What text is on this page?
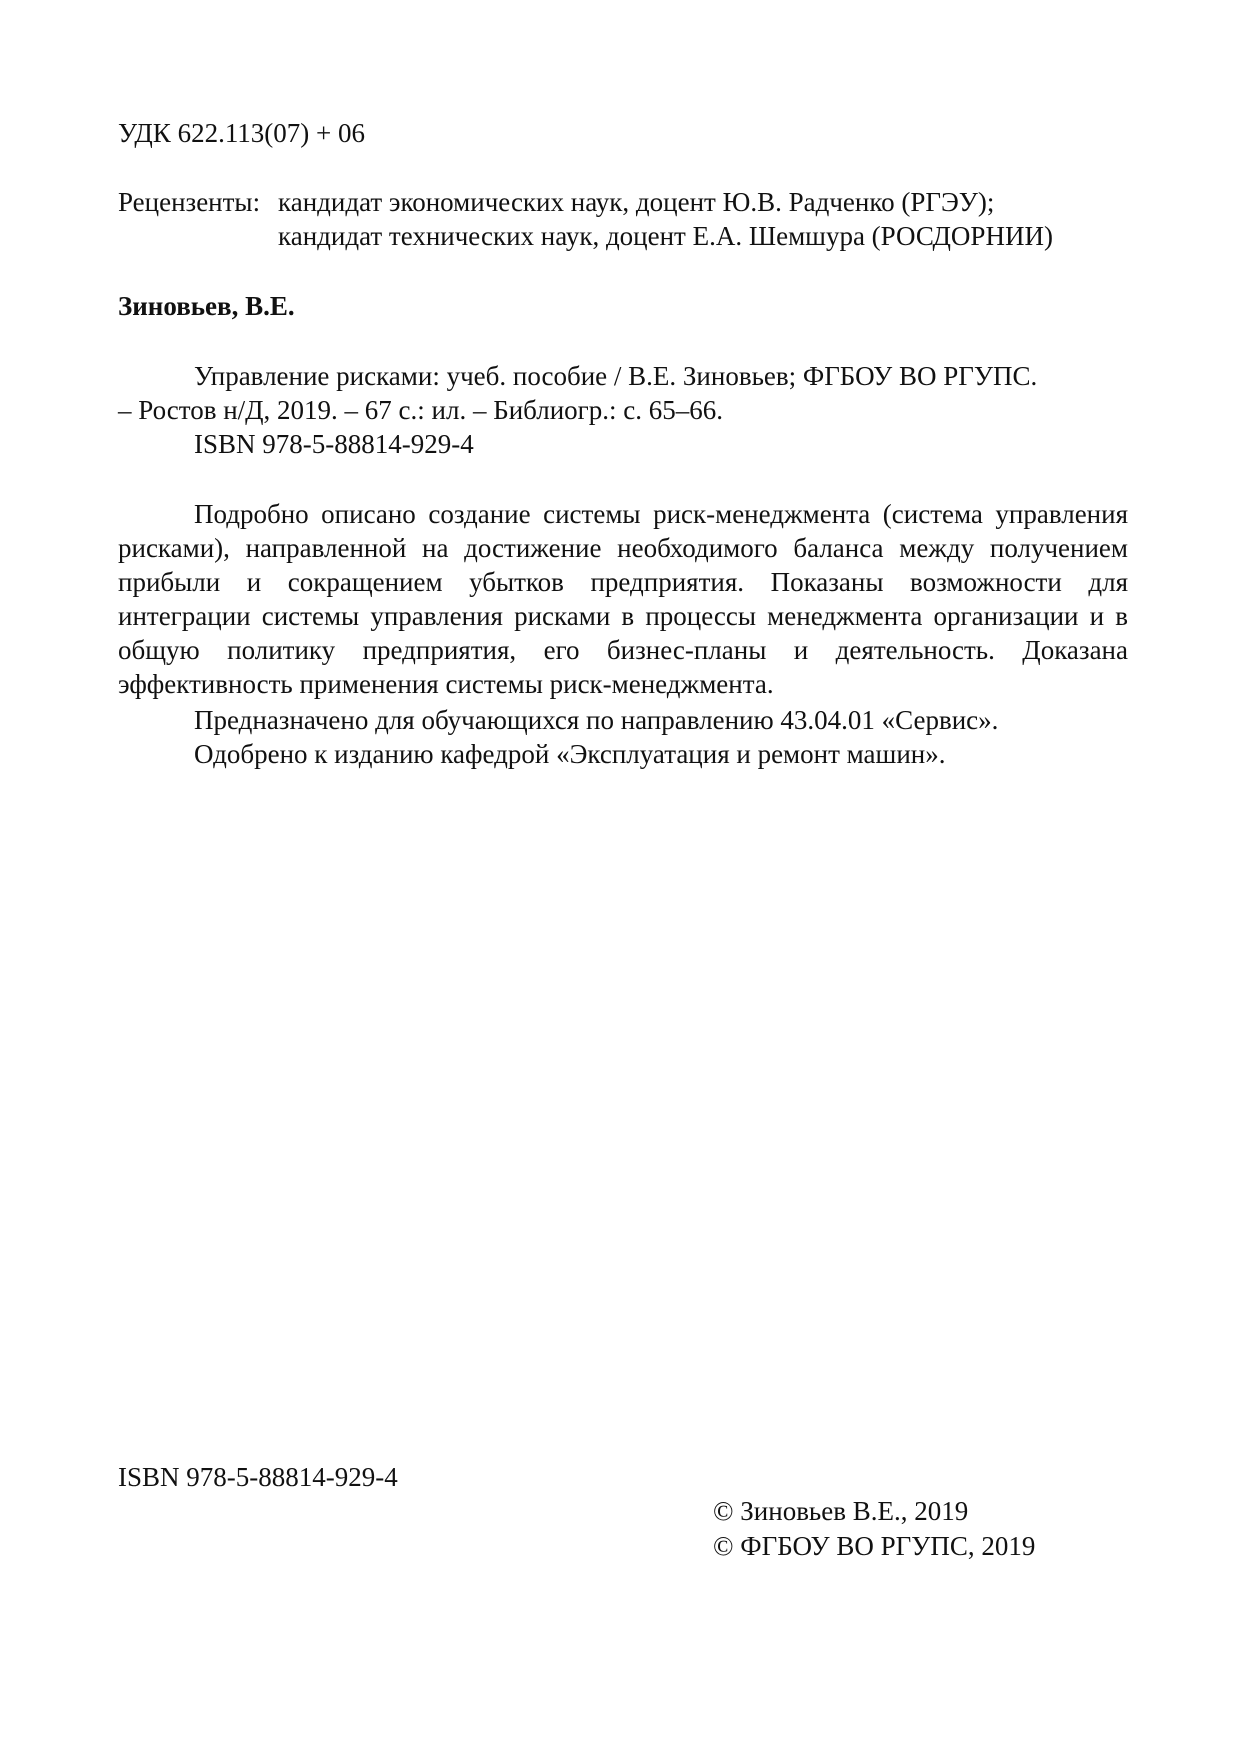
УДК 622.113(07) + 06
Рецензенты: кандидат экономических наук, доцент Ю.В. Радченко (РГЭУ);
кандидат технических наук, доцент Е.А. Шемшура (РОСДОРНИИ)
Зиновьев, В.Е.
Управление рисками: учеб. пособие / В.Е. Зиновьев; ФГБОУ ВО РГУПС.
– Ростов н/Д, 2019. – 67 с.: ил. – Библиогр.: с. 65–66.
ISBN 978-5-88814-929-4

Подробно описано создание системы риск-менеджмента (система управления рисками), направленной на достижение необходимого баланса между получением прибыли и сокращением убытков предприятия. Показаны возможности для интеграции системы управления рисками в процессы менеджмента организации и в общую политику предприятия, его бизнес-планы и деятельность. Доказана эффективность применения системы риск-менеджмента.

Предназначено для обучающихся по направлению 43.04.01 «Сервис».
Одобрено к изданию кафедрой «Эксплуатация и ремонт машин».
ISBN 978-5-88814-929-4
© Зиновьев В.Е., 2019
© ФГБОУ ВО РГУПС, 2019
